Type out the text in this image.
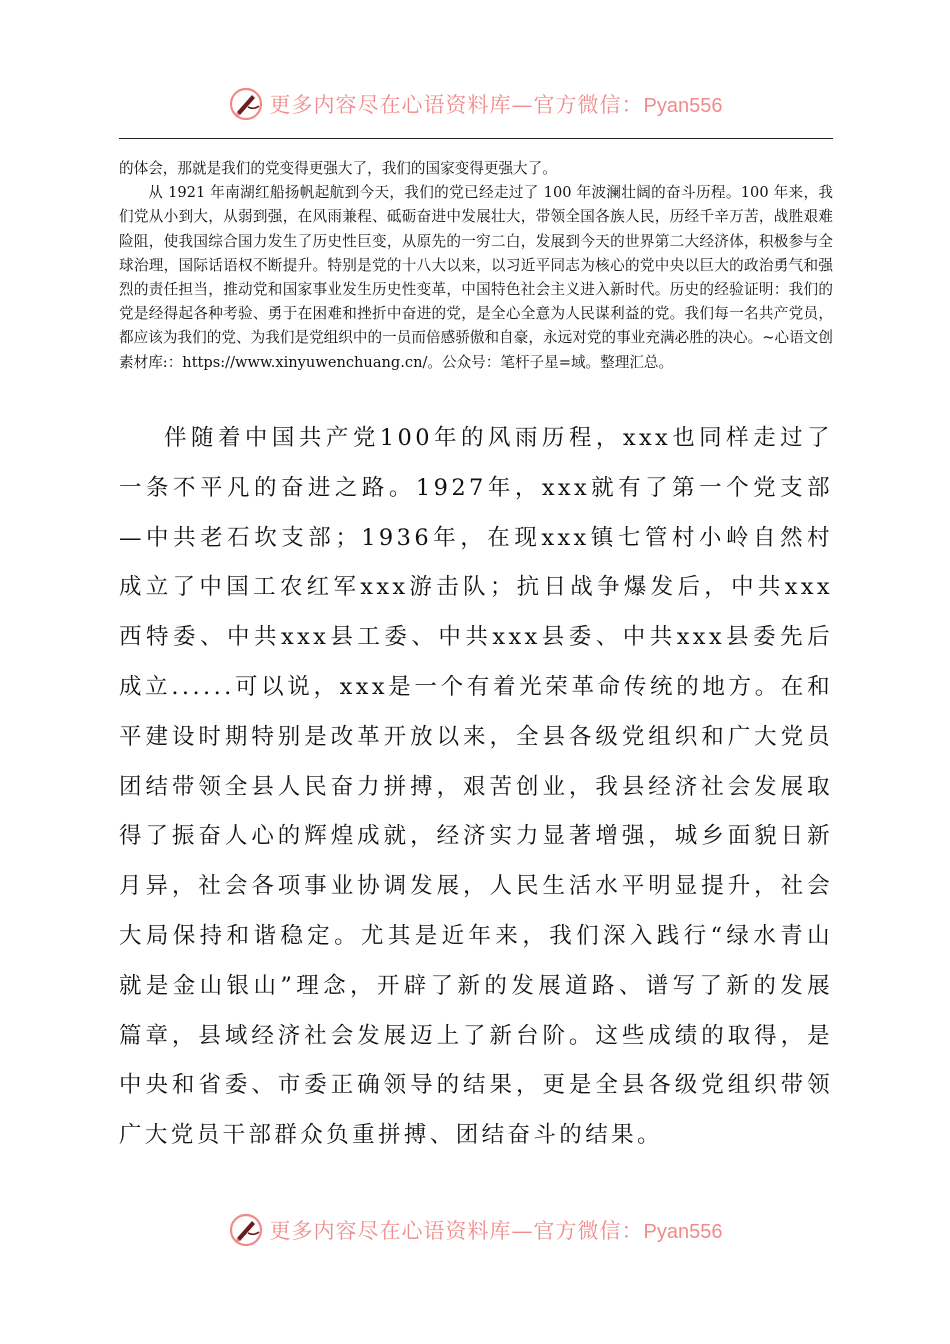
更多内容尽在心语资料库—官方微信：Pyan556

的体会，那就是我们的党变得更强大了，我们的国家变得更强大了。

从 1921 年南湖红船扬帆起航到今天，我们的党已经走过了 100 年波澜壮阔的奋斗历程。100 年来，我们党从小到大，从弱到强，在风雨兼程、砥砺奋进中发展壮大，带领全国各族人民，历经千辛万苦，战胜艰难险阻，使我国综合国力发生了历史性巨变，从原先的一穷二白，发展到今天的世界第二大经济体，积极参与全球治理，国际话语权不断提升。特别是党的十八大以来，以习近平同志为核心的党中央以巨大的政治勇气和强烈的责任担当，推动党和国家事业发生历史性变革，中国特色社会主义进入新时代。历史的经验证明：我们的党是经得起各种考验、勇于在困难和挫折中奋进的党，是全心全意为人民谋利益的党。我们每一名共产党员，都应该为我们的党、为我们是党组织中的一员而倍感骄傲和自豪，永远对党的事业充满必胜的决心。~心语文创素材库:：https://www.xinyuwenchuang.cn/。公众号：笔杆子星=域。整理汇总。

伴随着中国共产党100年的风雨历程，xxx也同样走过了一条不平凡的奋进之路。1927年，xxx就有了第一个党支部—中共老石坎支部；1936年，在现xxx镇七管村小岭自然村成立了中国工农红军xxx游击队；抗日战争爆发后，中共xxx西特委、中共xxx县工委、中共xxx县委、中共xxx县委先后成立......可以说，xxx是一个有着光荣革命传统的地方。在和平建设时期特别是改革开放以来，全县各级党组织和广大党员团结带领全县人民奋力拼搏，艰苦创业，我县经济社会发展取得了振奋人心的辉煌成就，经济实力显著增强，城乡面貌日新月异，社会各项事业协调发展，人民生活水平明显提升，社会大局保持和谐稳定。尤其是近年来，我们深入践行“绿水青山就是金山银山”理念，开辟了新的发展道路、谱写了新的发展篇章，县域经济社会发展迈上了新台阶。这些成绩的取得，是中央和省委、市委正确领导的结果，更是全县各级党组织带领广大党员干部群众负重拼搏、团结奋斗的结果。

更多内容尽在心语资料库—官方微信：Pyan556
